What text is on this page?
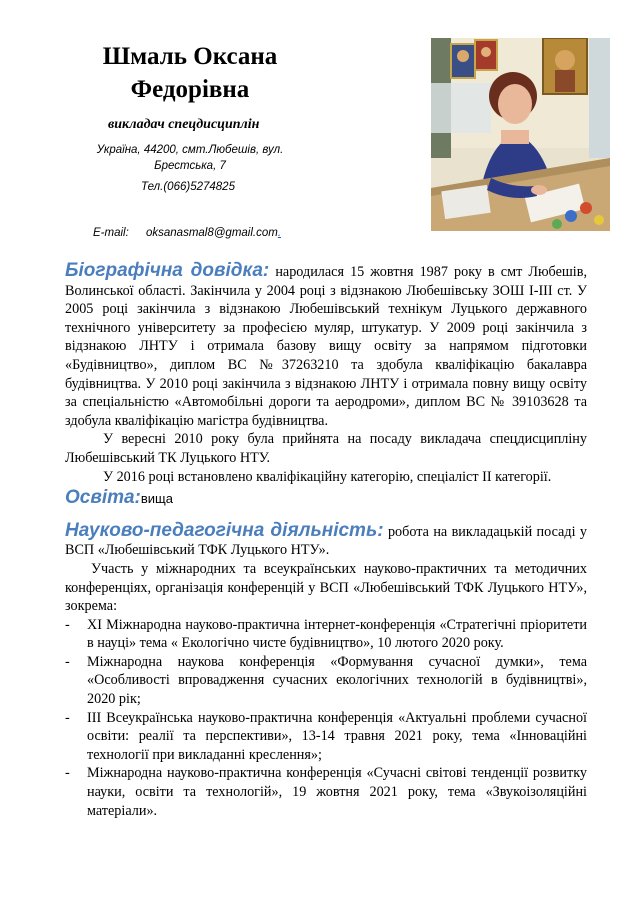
Шмаль Оксана
Федорівна
викладач спецдисциплін
Україна, 44200, смт.Любешів, вул. Брестська, 7
Тел.(066)5274825
E-mail: oksanasmal8@gmail.com.

Біографічна довідка: народилася 15 жовтня 1987 року в смт Любешів, Волинської області. Закінчила у 2004 році з відзнакою Любешівську ЗОШ І-ІІІ ст. У 2005 році закінчила з відзнакою Любешівський технікум Луцького державного технічного університету за професією муляр, штукатур. У 2009 році закінчила з відзнакою ЛНТУ і отримала базову вищу освіту за напрямом підготовки «Будівництво», диплом ВС №37263210 та здобула кваліфікацію бакалавра будівництва. У 2010 році закінчила з відзнакою ЛНТУ і отримала повну вищу освіту за спеціальністю «Автомобільні дороги та аеродроми», диплом ВС № 39103628 та здобула кваліфікацію магістра будівництва.

У вересні 2010 року була прийнята на посаду викладача спецдисципліну Любешівський ТК Луцького НТУ.

У 2016 році встановлено кваліфікаційну категорію, спеціаліст ІІ категорії.

Освіта:вища

Науково-педагогічна діяльність: робота на викладацькій посаді у ВСП «Любешівський ТФК Луцького НТУ».

Участь у міжнародних та всеукраїнських науково-практичних та методичних конференціях, організація конференцій у ВСП «Любешівський ТФК Луцького НТУ», зокрема:

- ХІ Міжнародна науково-практична інтернет-конференція «Стратегічні пріоритети в науці» тема « Екологічно чисте будівництво», 10 лютого 2020 року.
- Міжнародна наукова конференція «Формування сучасної думки», тема «Особливості впровадження сучасних екологічних технологій в будівництві», 2020 рік;
- ІІІ Всеукраїнська науково-практична конференція «Актуальні проблеми сучасної освіти: реалії та перспективи», 13-14 травня 2021 року, тема «Інноваційні технології при викладанні креслення»;
- Міжнародна науково-практична конференція «Сучасні світові тенденції розвитку науки, освіти та технологій», 19 жовтня 2021 року, тема «Звукоізоляційні матеріали».
